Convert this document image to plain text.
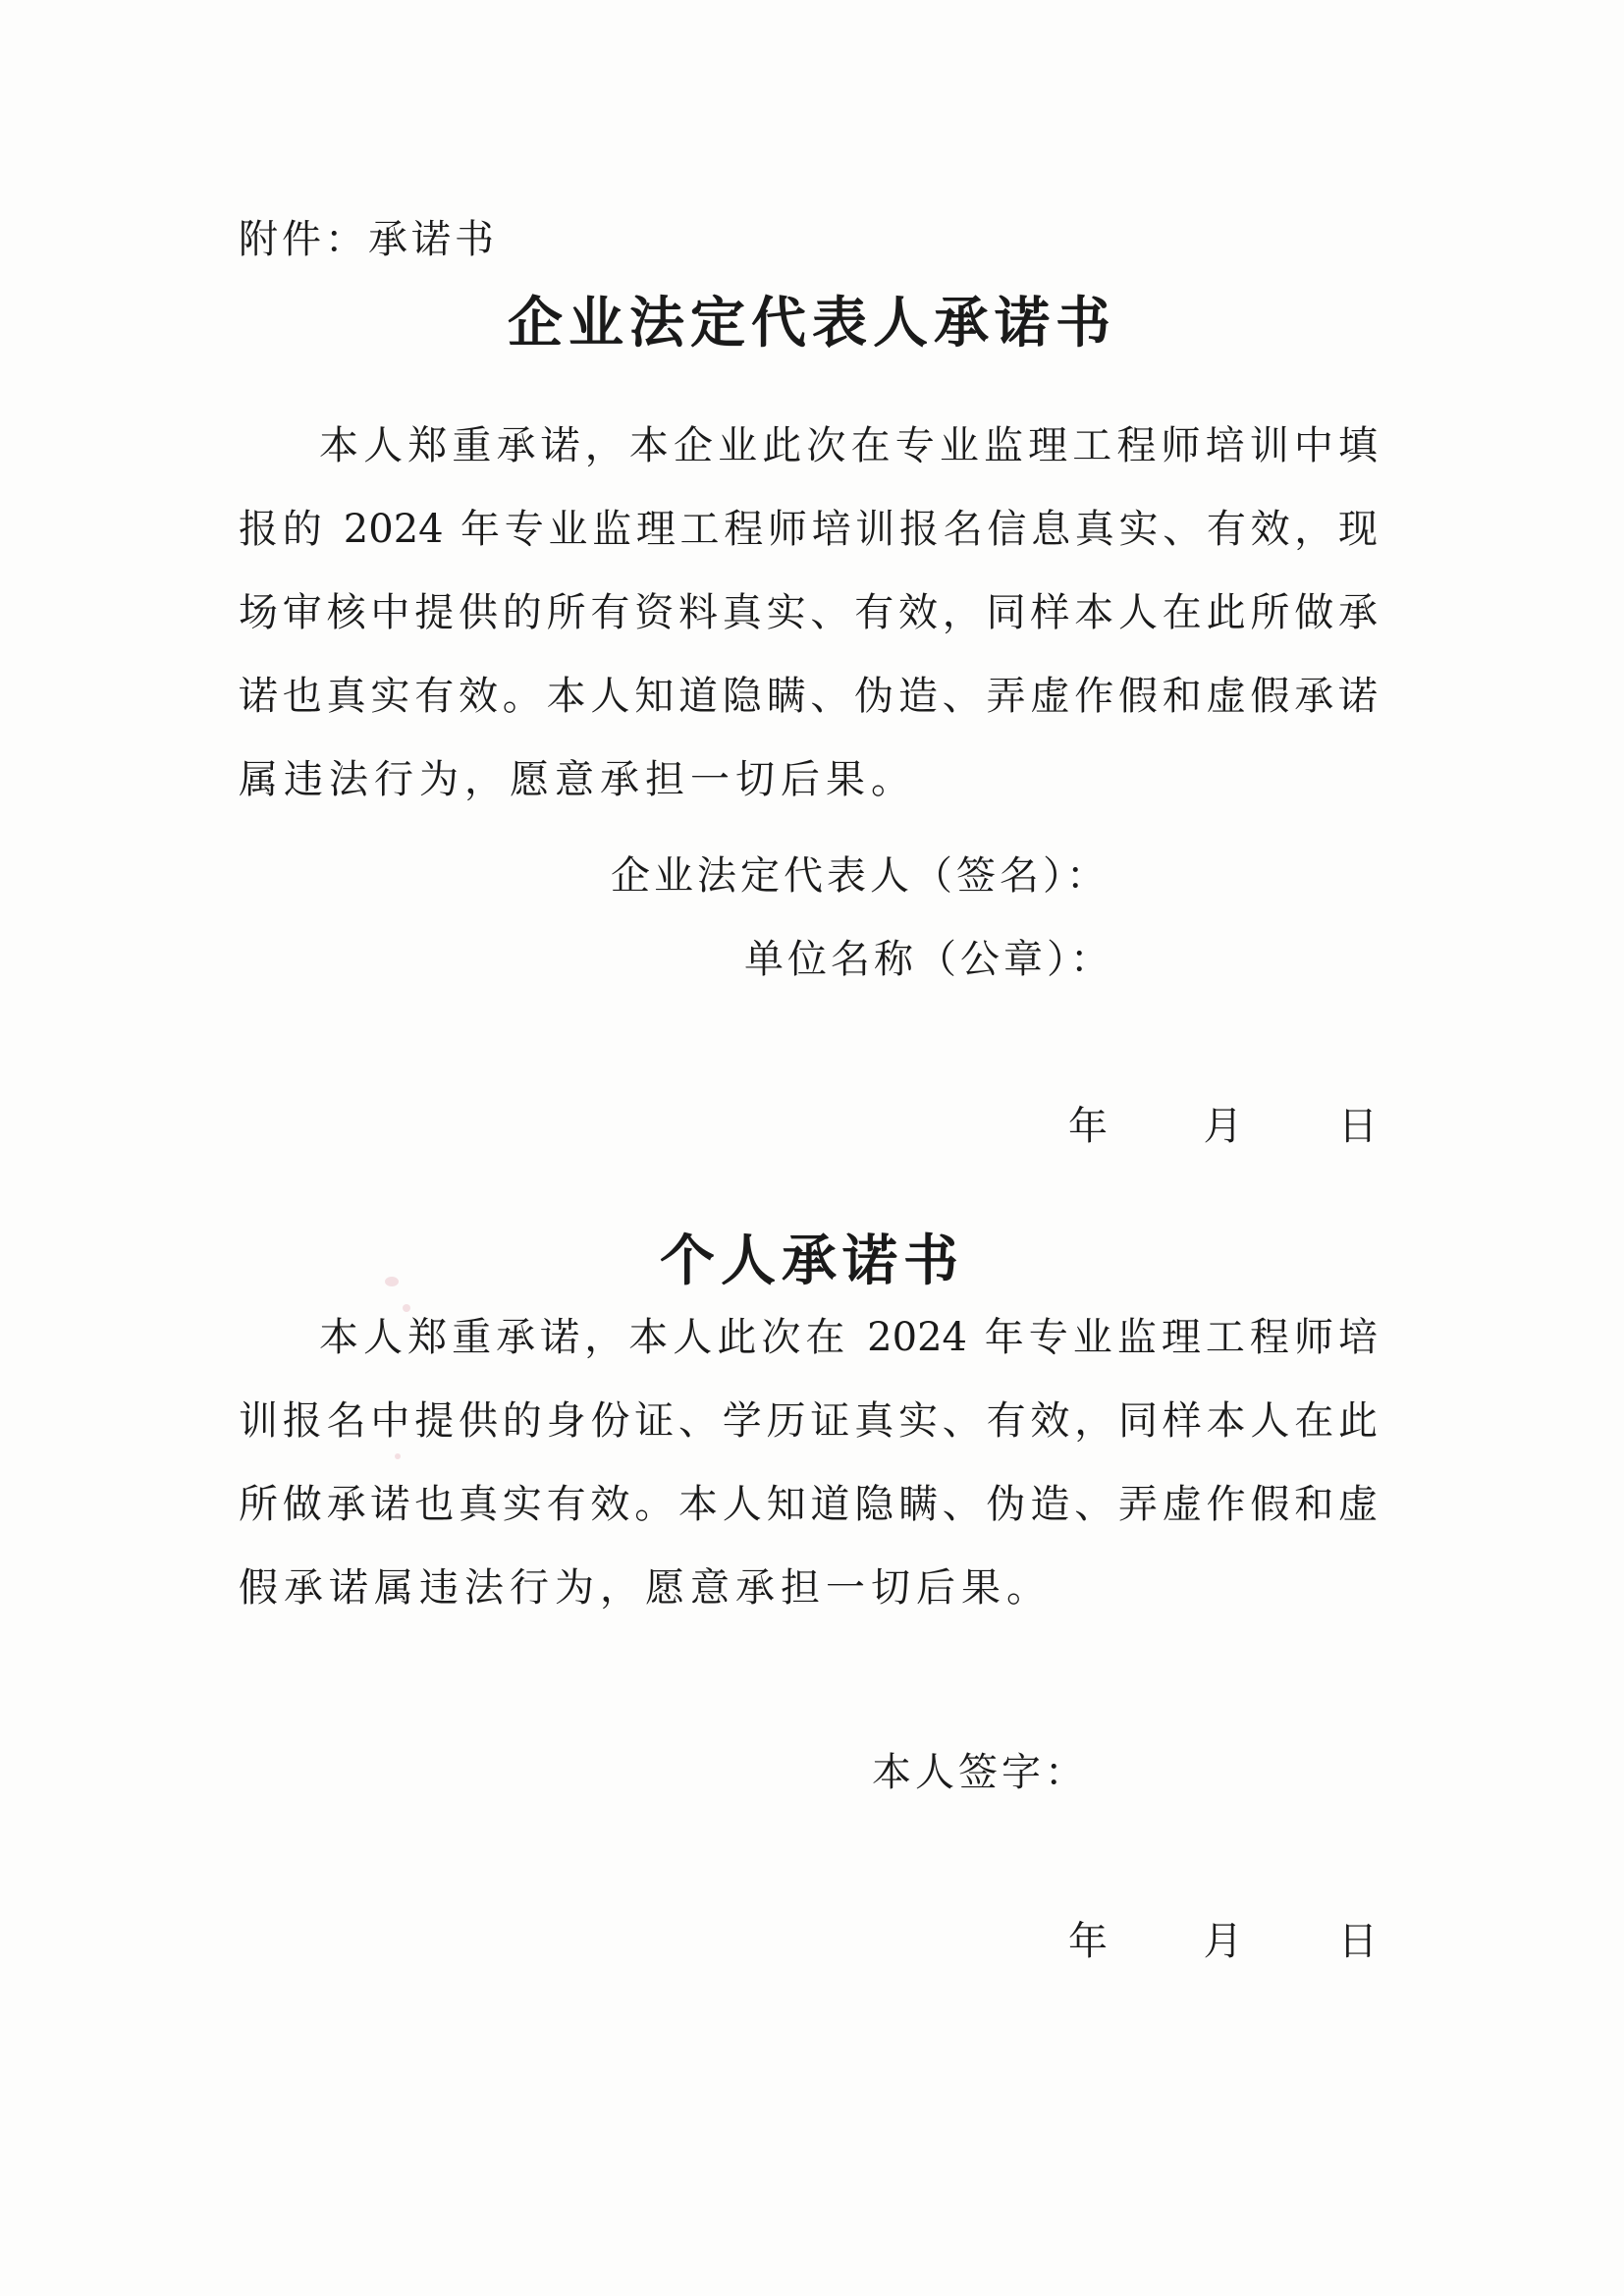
附件：承诺书
企业法定代表人承诺书
本人郑重承诺，本企业此次在专业监理工程师培训中填
报的 2024 年专业监理工程师培训报名信息真实、有效，现
场审核中提供的所有资料真实、有效，同样本人在此所做承
诺也真实有效。本人知道隐瞒、伪造、弄虚作假和虚假承诺
属违法行为，愿意承担一切后果。
企业法定代表人（签名）：
单位名称（公章）：
年 月 日
个人承诺书
本人郑重承诺，本人此次在 2024 年专业监理工程师培
训报名中提供的身份证、学历证真实、有效，同样本人在此
所做承诺也真实有效。本人知道隐瞒、伪造、弄虚作假和虚
假承诺属违法行为，愿意承担一切后果。
本人签字：
年 月 日
